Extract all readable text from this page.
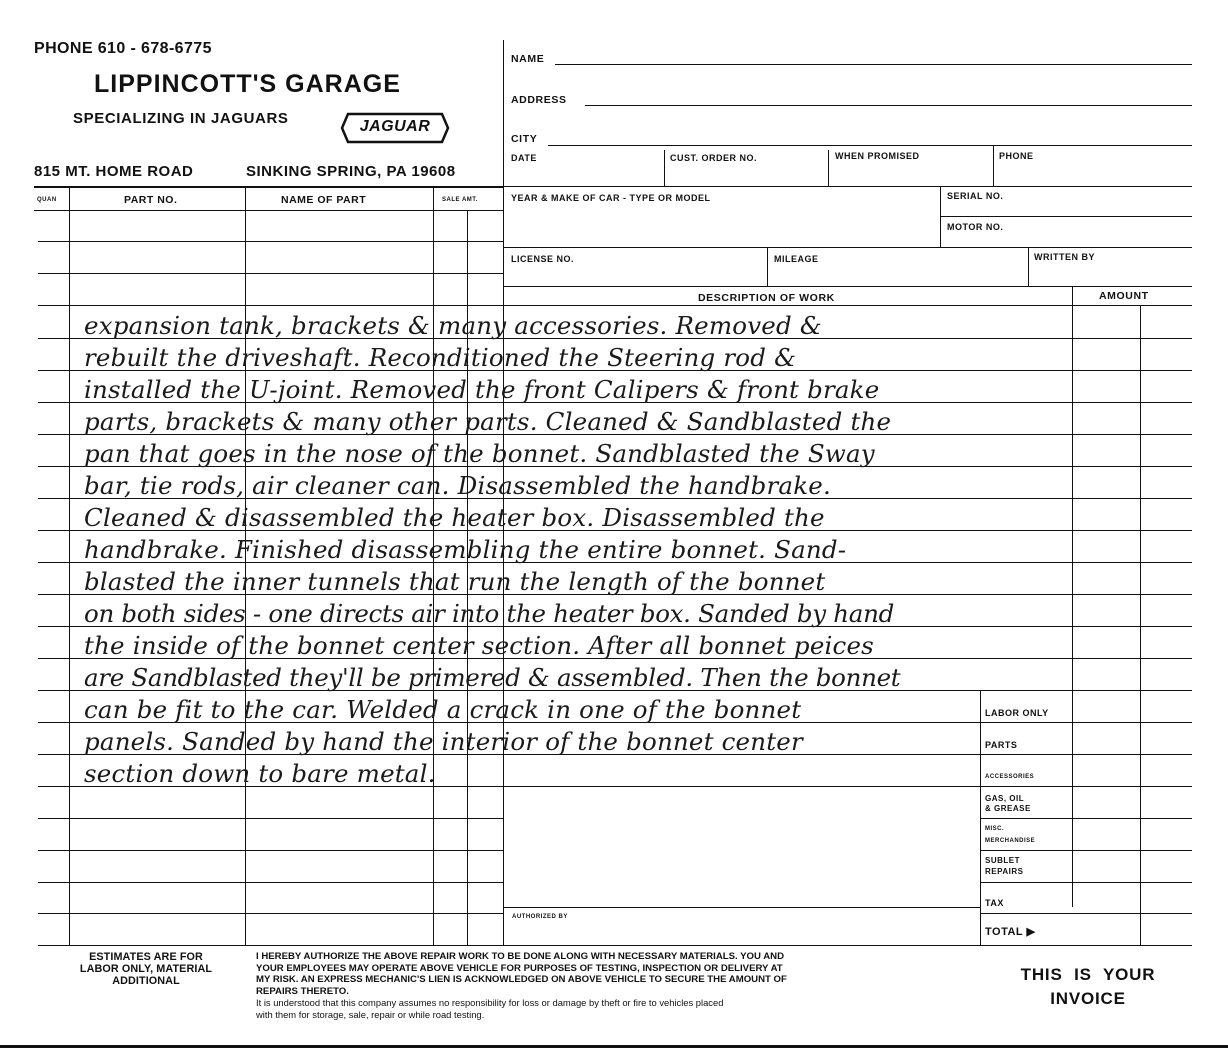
PHONE 610 - 678-6775
LIPPINCOTT'S GARAGE
SPECIALIZING IN JAGUARS	JAGUAR
815 MT. HOME ROAD	SINKING SPRING, PA 19608
NAME
ADDRESS
CITY
DATE	CUST. ORDER NO.	WHEN PROMISED	PHONE
YEAR & MAKE OF CAR - TYPE OR MODEL	SERIAL NO.
MOTOR NO.
LICENSE NO.	MILEAGE	WRITTEN BY
DESCRIPTION OF WORK	AMOUNT
QUAN	PART NO.	NAME OF PART	SALE AMT.
LABOR ONLY
PARTS
ACCESSORIES
GAS, OIL
& GREASE
MISC.
MERCHANDISE
SUBLET
REPAIRS
TAX
TOTAL ▶
AUTHORIZED BY
expansion tank, brackets & many accessories. Removed &
rebuilt the driveshaft. Reconditioned the Steering rod &
installed the U-joint. Removed the front Calipers & front brake
parts, brackets & many other parts. Cleaned & Sandblasted the
pan that goes in the nose of the bonnet. Sandblasted the Sway
bar, tie rods, air cleaner can. Disassembled the handbrake.
Cleaned & disassembled the heater box. Disassembled the
handbrake. Finished disassembling the entire bonnet. Sand-
blasted the inner tunnels that run the length of the bonnet
on both sides - one directs air into the heater box. Sanded by hand
the inside of the bonnet center section. After all bonnet peices
are Sandblasted they'll be primered & assembled. Then the bonnet
can be fit to the car. Welded a crack in one of the bonnet
panels. Sanded by hand the interior of the bonnet center
section down to bare metal.
ESTIMATES ARE FOR
LABOR ONLY, MATERIAL
ADDITIONAL
I HEREBY AUTHORIZE THE ABOVE REPAIR WORK TO BE DONE ALONG WITH NECESSARY MATERIALS. YOU AND
YOUR EMPLOYEES MAY OPERATE ABOVE VEHICLE FOR PURPOSES OF TESTING, INSPECTION OR DELIVERY AT
MY RISK. AN EXPRESS MECHANIC'S LIEN IS ACKNOWLEDGED ON ABOVE VEHICLE TO SECURE THE AMOUNT OF
REPAIRS THERETO.
It is understood that this company assumes no responsibility for loss or damage by theft or fire to vehicles placed
with them for storage, sale, repair or while road testing.
THIS IS YOUR
INVOICE
